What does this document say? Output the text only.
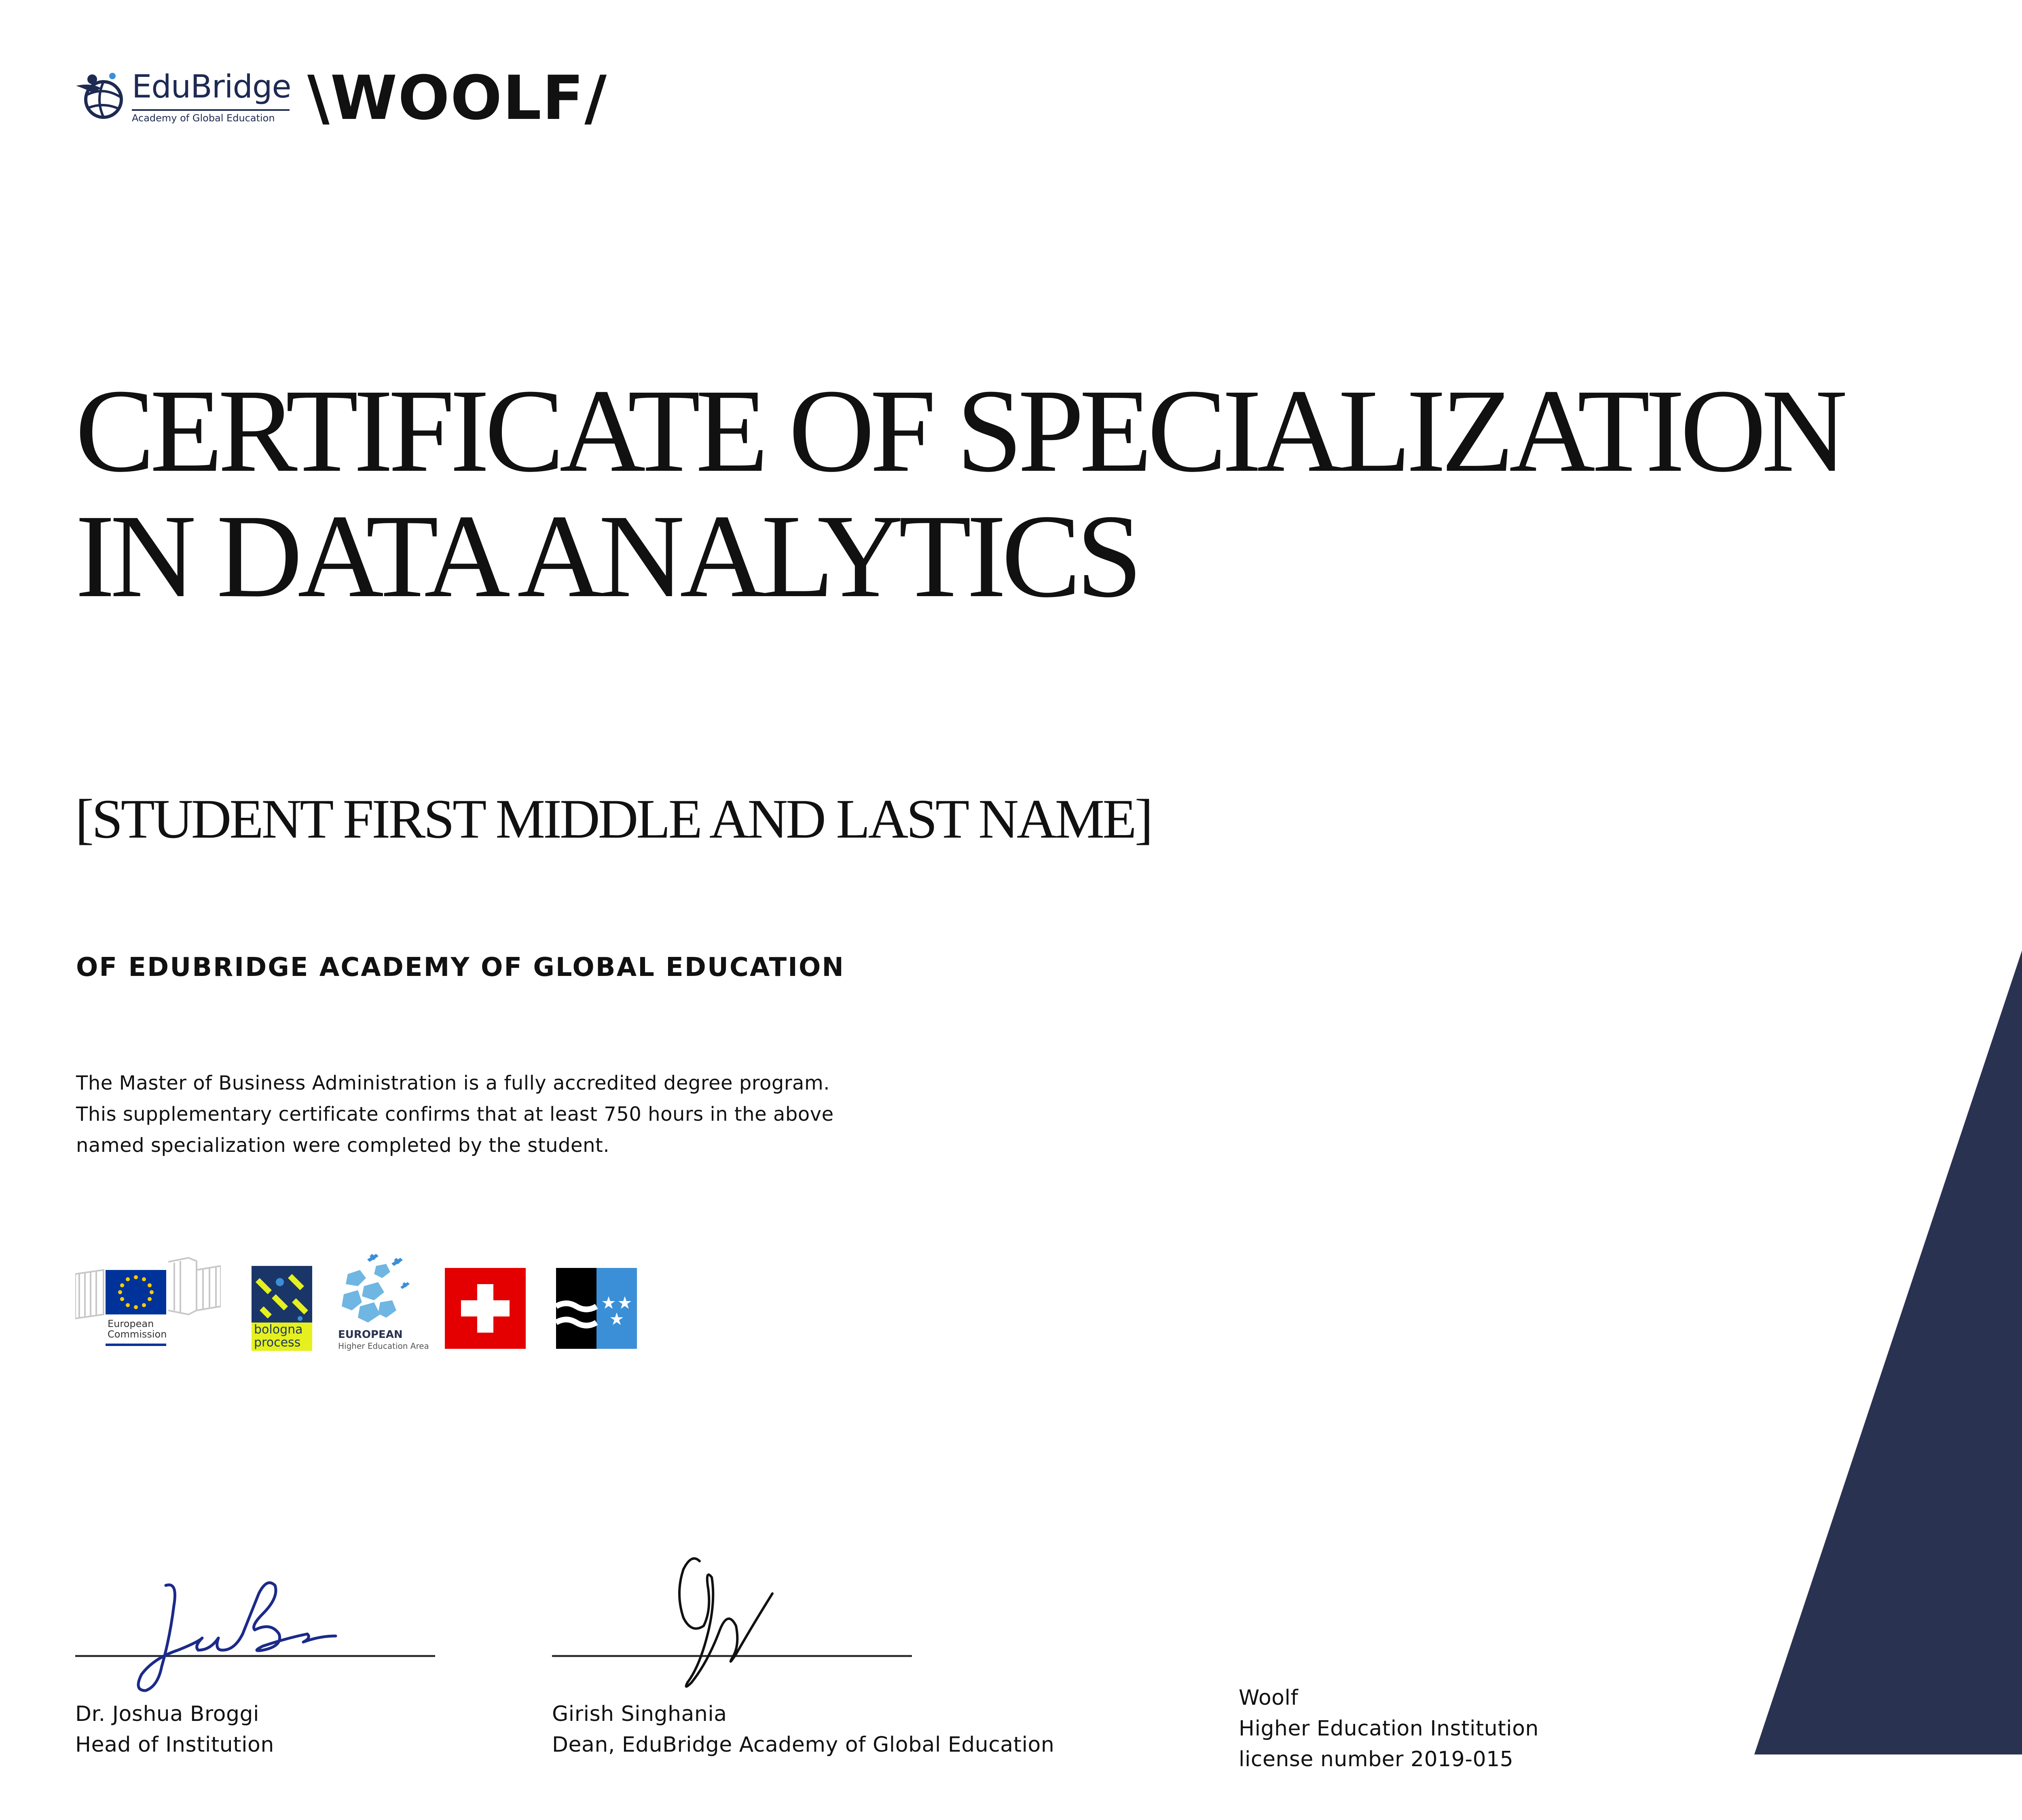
EduBridge
Academy of Global Education \WOOLF/
CERTIFICATE OF SPECIALIZATION
IN DATA ANALYTICS
[STUDENT FIRST MIDDLE AND LAST NAME]
OF EDUBRIDGE ACADEMY OF GLOBAL EDUCATION
The Master of Business Administration is a fully accredited degree program.
This supplementary certificate confirms that at least 750 hours in the above
named specialization were completed by the student.
European
Commission	bologna
process
EUROPEAN
Higher Education Area
Dr. Joshua Broggi
Head of Institution
Girish Singhania
Dean, EduBridge Academy of Global Education
Woolf
Higher Education Institution
license number 2019-015
